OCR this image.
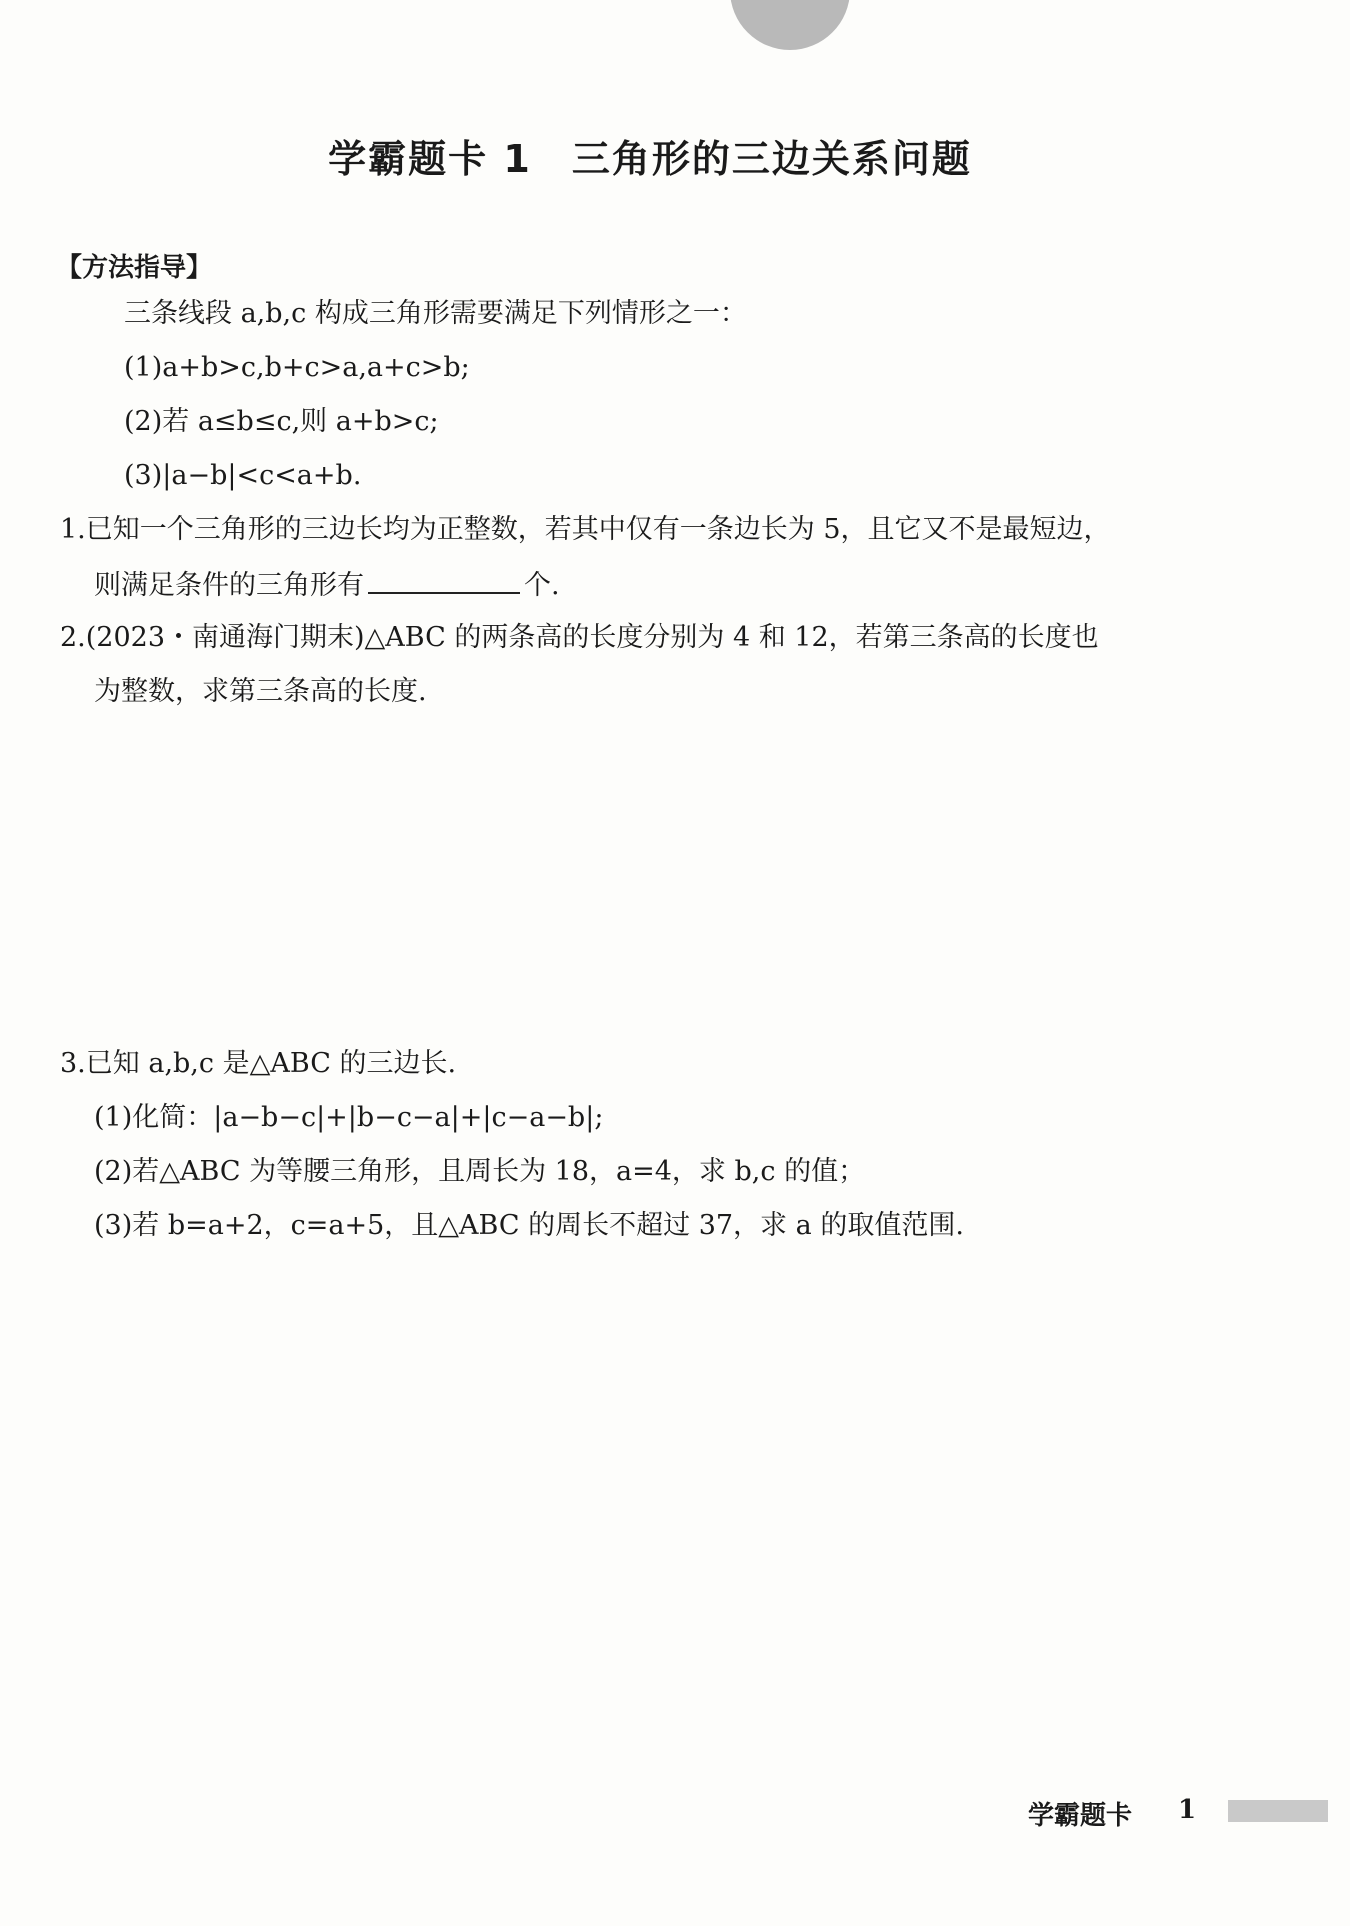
学霸题卡 1　三角形的三边关系问题
【方法指导】
三条线段 a,b,c 构成三角形需要满足下列情形之一：
(1)a+b>c,b+c>a,a+c>b;
(2)若 a≤b≤c,则 a+b>c;
(3)|a−b|<c<a+b.
1.已知一个三角形的三边长均为正整数，若其中仅有一条边长为 5，且它又不是最短边，
则满足条件的三角形有	个.
2.(2023・南通海门期末)△ABC 的两条高的长度分别为 4 和 12，若第三条高的长度也
为整数，求第三条高的长度.
3.已知 a,b,c 是△ABC 的三边长.
(1)化简：|a−b−c|+|b−c−a|+|c−a−b|;
(2)若△ABC 为等腰三角形，且周长为 18，a=4，求 b,c 的值；
(3)若 b=a+2，c=a+5，且△ABC 的周长不超过 37，求 a 的取值范围.
学霸题卡 1
